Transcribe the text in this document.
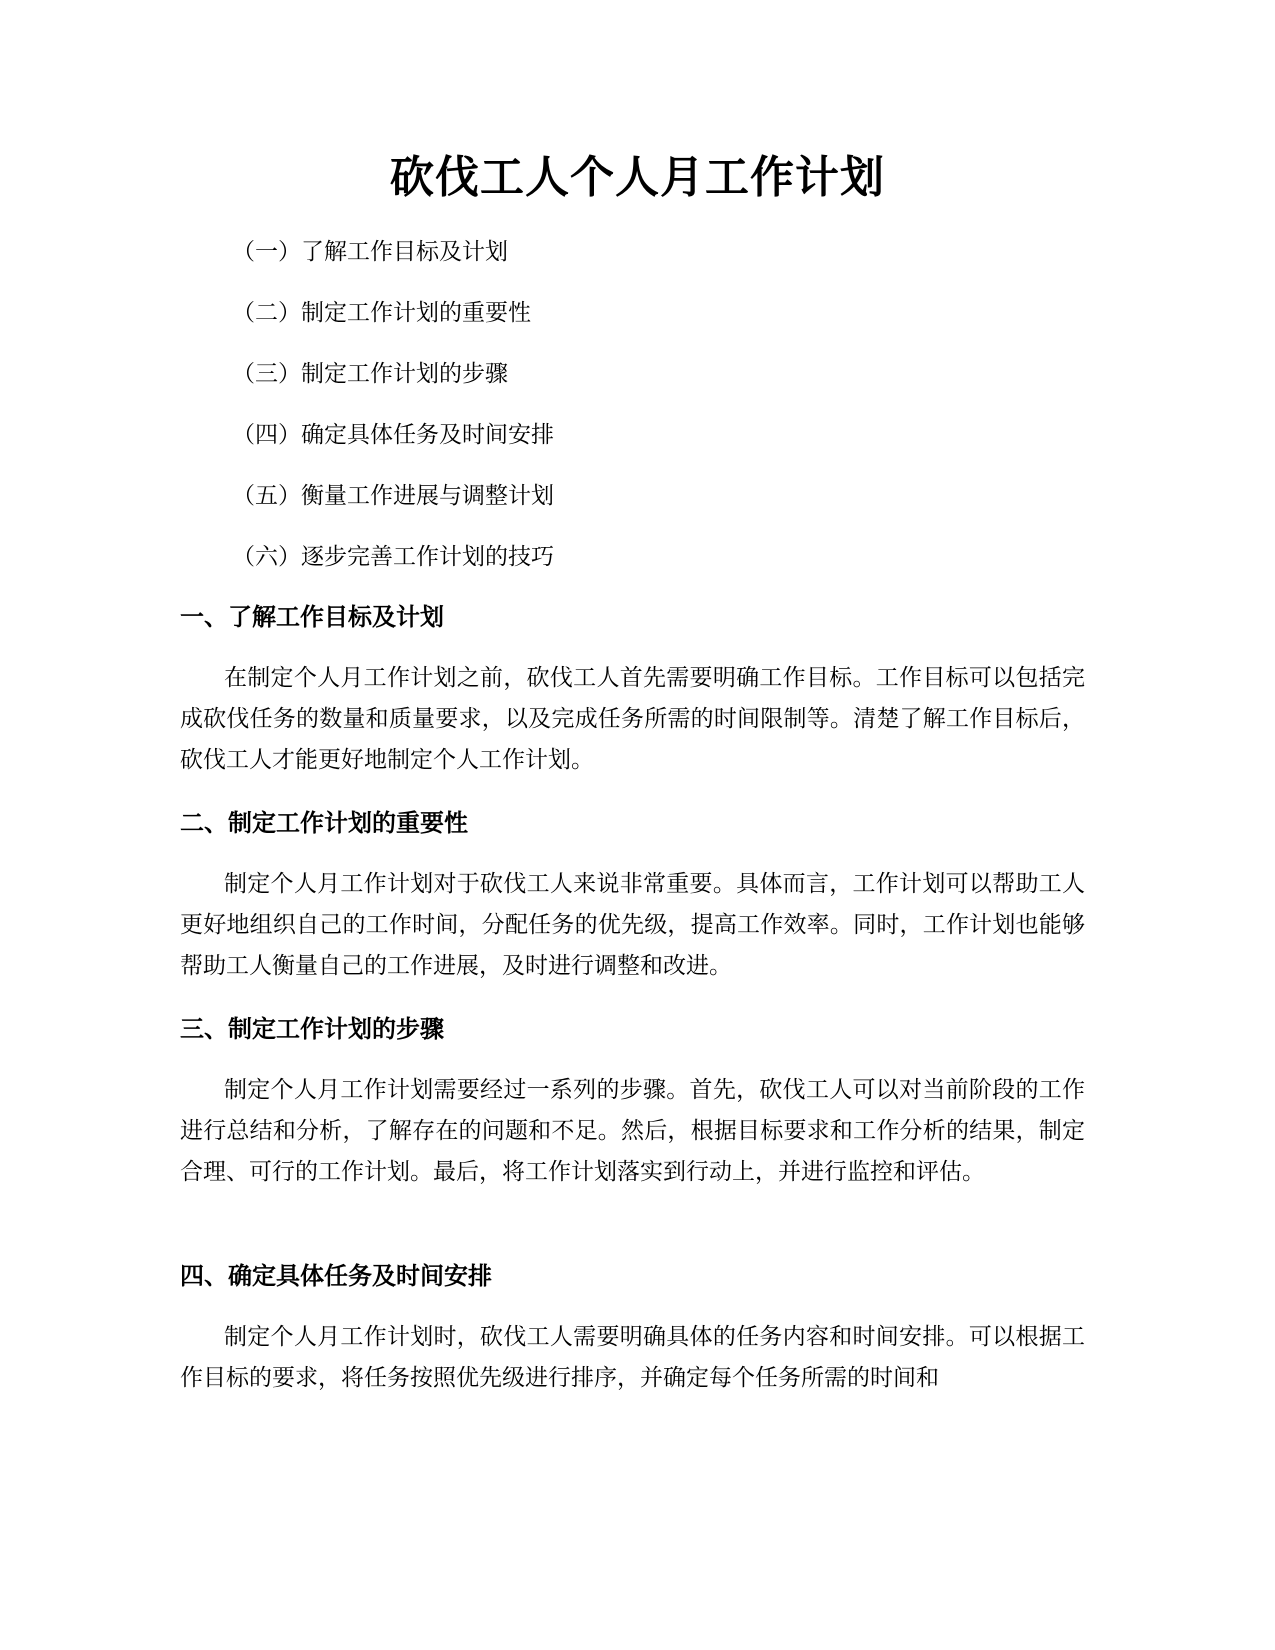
砍伐工人个人月工作计划
（一）了解工作目标及计划
（二）制定工作计划的重要性
（三）制定工作计划的步骤
（四）确定具体任务及时间安排
（五）衡量工作进展与调整计划
（六）逐步完善工作计划的技巧
一、了解工作目标及计划

在制定个人月工作计划之前，砍伐工人首先需要明确工作目标。工作目标可以包括完成砍伐任务的数量和质量要求，以及完成任务所需的时间限制等。清楚了解工作目标后，砍伐工人才能更好地制定个人工作计划。

二、制定工作计划的重要性

制定个人月工作计划对于砍伐工人来说非常重要。具体而言，工作计划可以帮助工人更好地组织自己的工作时间，分配任务的优先级，提高工作效率。同时，工作计划也能够帮助工人衡量自己的工作进展，及时进行调整和改进。

三、制定工作计划的步骤

制定个人月工作计划需要经过一系列的步骤。首先，砍伐工人可以对当前阶段的工作进行总结和分析，了解存在的问题和不足。然后，根据目标要求和工作分析的结果，制定合理、可行的工作计划。最后，将工作计划落实到行动上，并进行监控和评估。

四、确定具体任务及时间安排

制定个人月工作计划时，砍伐工人需要明确具体的任务内容和时间安排。可以根据工作目标的要求，将任务按照优先级进行排序，并确定每个任务所需的时间和
